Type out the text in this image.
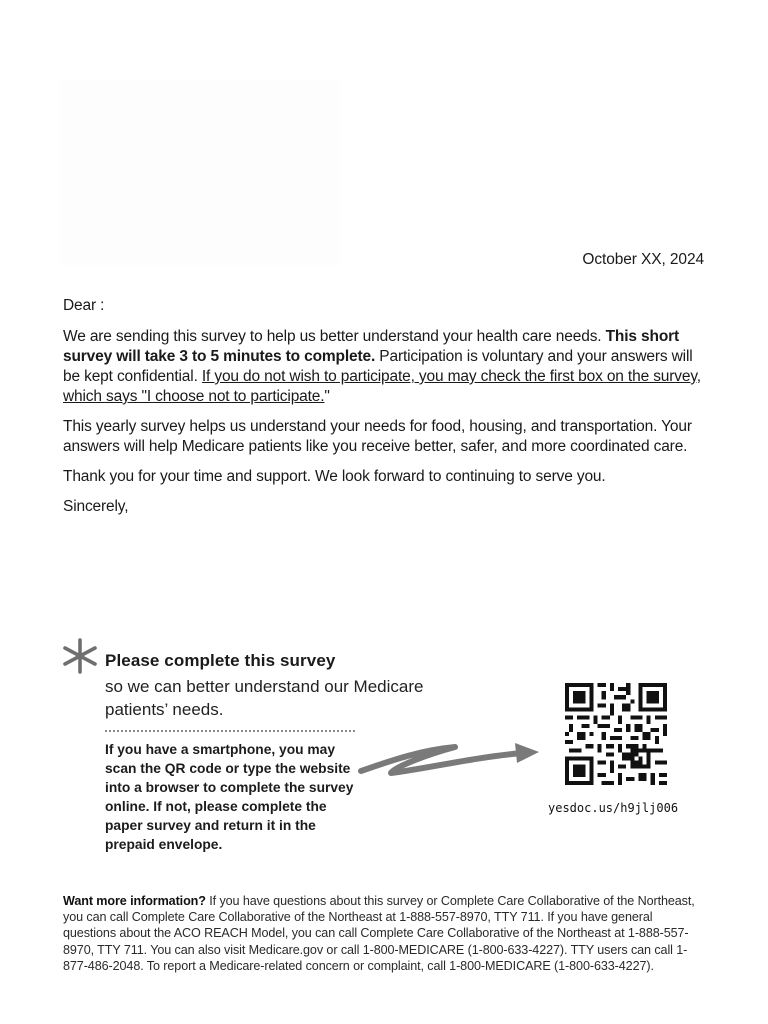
October XX, 2024

Dear :

We are sending this survey to help us better understand your health care needs. This short survey will take 3 to 5 minutes to complete. Participation is voluntary and your answers will be kept confidential. If you do not wish to participate, you may check the first box on the survey, which says "I choose not to participate."

This yearly survey helps us understand your needs for food, housing, and transportation. Your answers will help Medicare patients like you receive better, safer, and more coordinated care.

Thank you for your time and support. We look forward to continuing to serve you.

Sincerely,

Please complete this survey
so we can better understand our Medicare patients’ needs.
If you have a smartphone, you may scan the QR code or type the website into a browser to complete the survey online. If not, please complete the paper survey and return it in the prepaid envelope.
yesdoc.us/h9jlj006
Want more information? If you have questions about this survey or Complete Care Collaborative of the Northeast, you can call Complete Care Collaborative of the Northeast at 1-888-557-8970, TTY 711. If you have general questions about the ACO REACH Model, you can call Complete Care Collaborative of the Northeast at 1-888-557-8970, TTY 711. You can also visit Medicare.gov or call 1-800-MEDICARE (1-800-633-4227). TTY users can call 1-877-486-2048. To report a Medicare-related concern or complaint, call 1-800-MEDICARE (1-800-633-4227).
